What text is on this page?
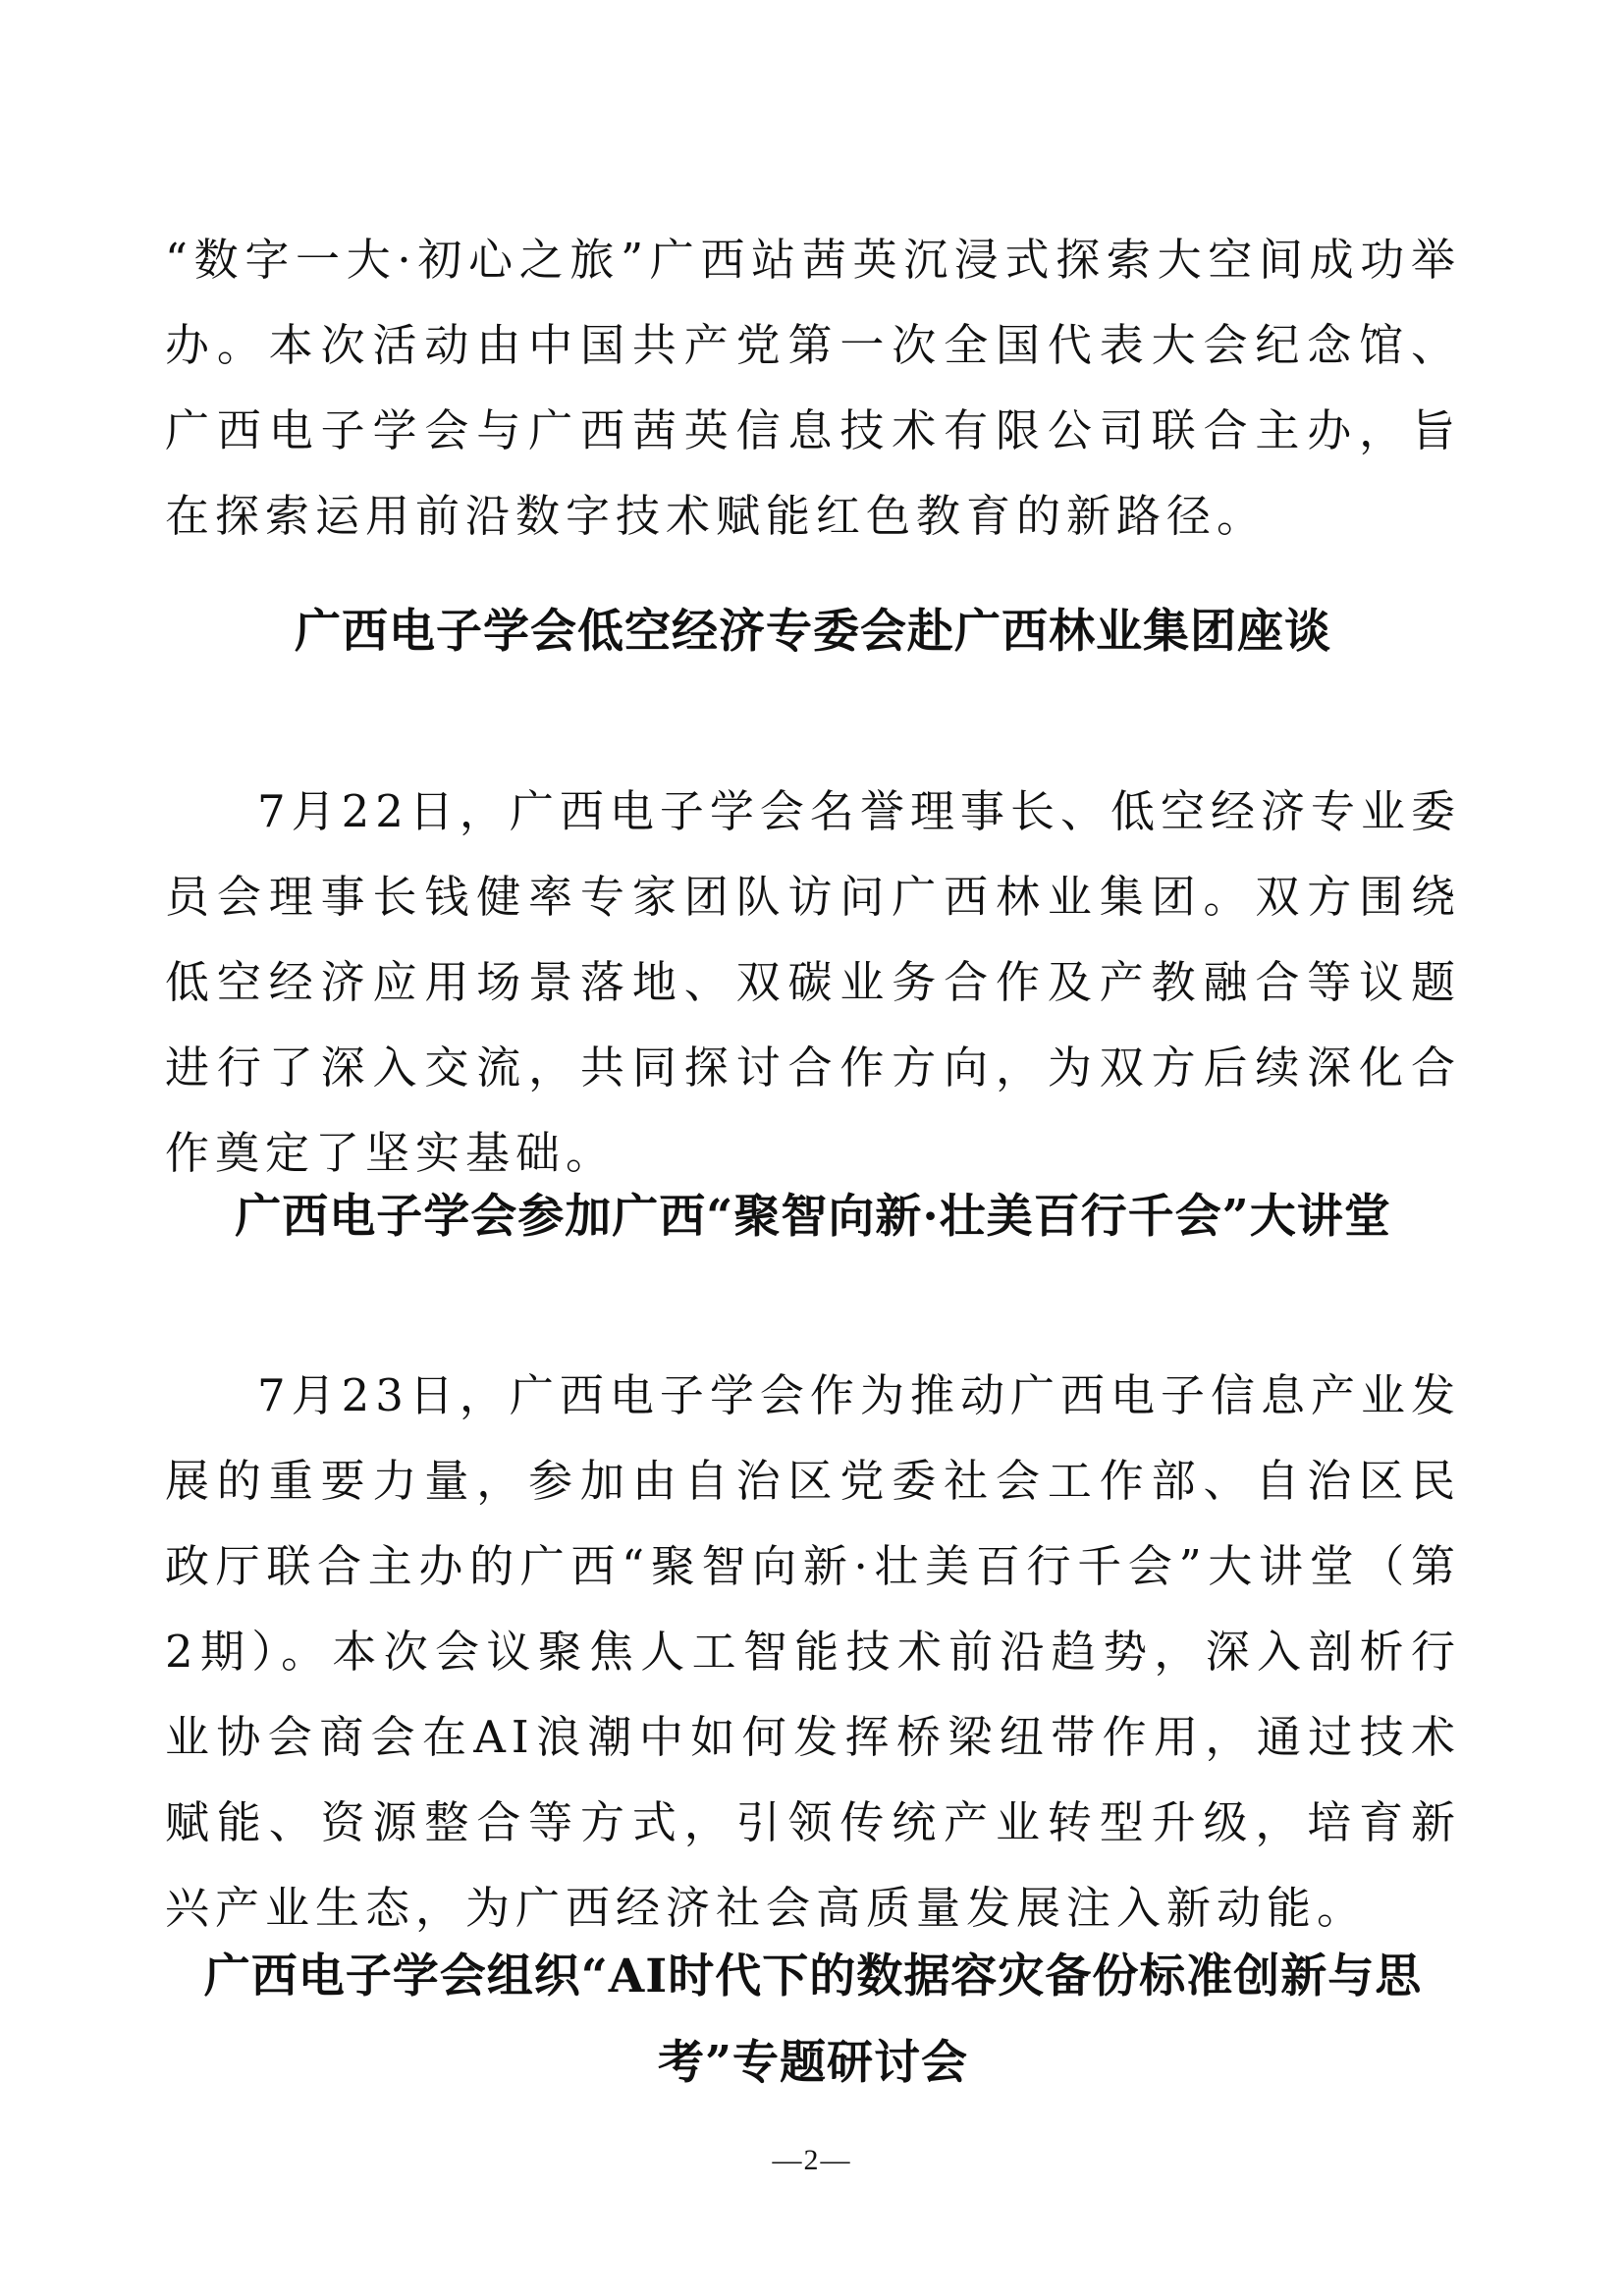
“数字一大·初心之旅”广西站茜英沉浸式探索大空间成功举办。本次活动由中国共产党第一次全国代表大会纪念馆、广西电子学会与广西茜英信息技术有限公司联合主办，旨在探索运用前沿数字技术赋能红色教育的新路径。

广西电子学会低空经济专委会赴广西林业集团座谈

7月22日，广西电子学会名誉理事长、低空经济专业委员会理事长钱健率专家团队访问广西林业集团。双方围绕低空经济应用场景落地、双碳业务合作及产教融合等议题进行了深入交流，共同探讨合作方向，为双方后续深化合作奠定了坚实基础。

广西电子学会参加广西“聚智向新·壮美百行千会”大讲堂

7月23日，广西电子学会作为推动广西电子信息产业发展的重要力量，参加由自治区党委社会工作部、自治区民政厅联合主办的广西“聚智向新·壮美百行千会”大讲堂（第2期）。本次会议聚焦人工智能技术前沿趋势，深入剖析行业协会商会在AI浪潮中如何发挥桥梁纽带作用，通过技术赋能、资源整合等方式，引领传统产业转型升级，培育新兴产业生态，为广西经济社会高质量发展注入新动能。

广西电子学会组织“AI时代下的数据容灾备份标准创新与思考”专题研讨会
—2—
